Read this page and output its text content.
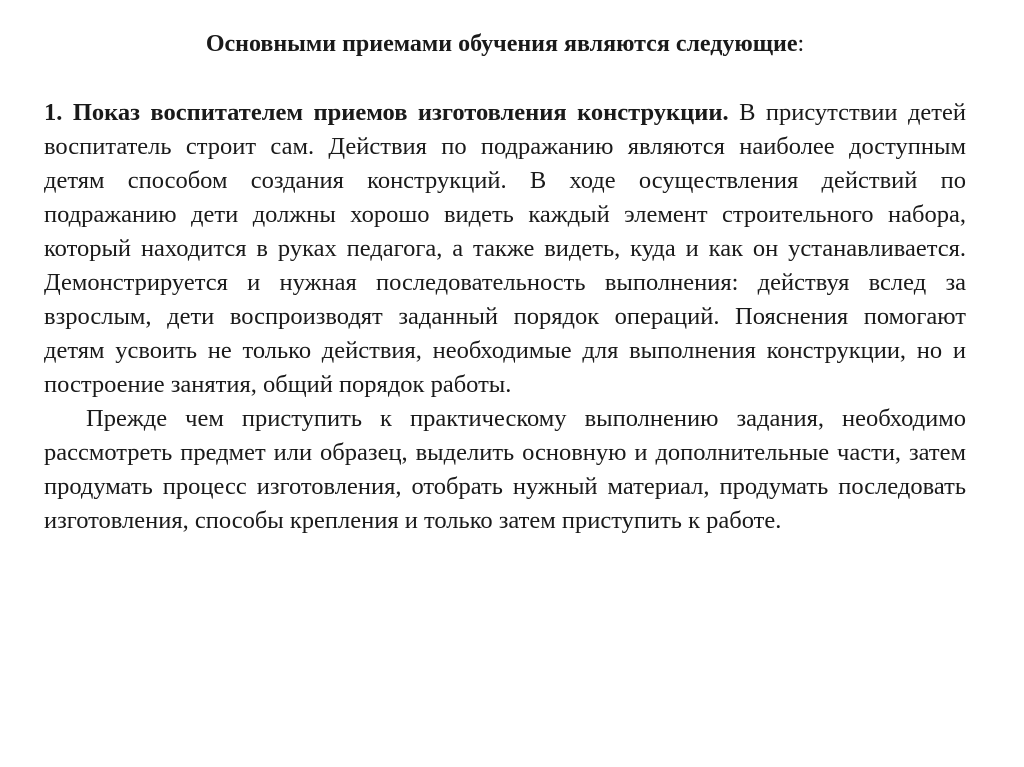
Основными приемами обучения являются следующие:

1. Показ воспитателем приемов изготовления конструкции. В присутствии детей воспитатель строит сам. Действия по подражанию являются наиболее доступным детям способом создания конструкций. В ходе осуществления действий по подражанию дети должны хорошо видеть каждый элемент строительного набора, который находится в руках педагога, а также видеть, куда и как он устанавливается. Демонстрируется и нужная последовательность выполнения: действуя вслед за взрослым, дети воспроизводят заданный порядок операций. Пояснения помогают детям усвоить не только действия, необходимые для выполнения конструкции, но и построение занятия, общий порядок работы.

Прежде чем приступить к практическому выполнению задания, необходимо рассмотреть предмет или образец, выделить основную и дополнительные части, затем продумать процесс изготовления, отобрать нужный материал, продумать последовать изготовления, способы крепления и только затем приступить к работе.
